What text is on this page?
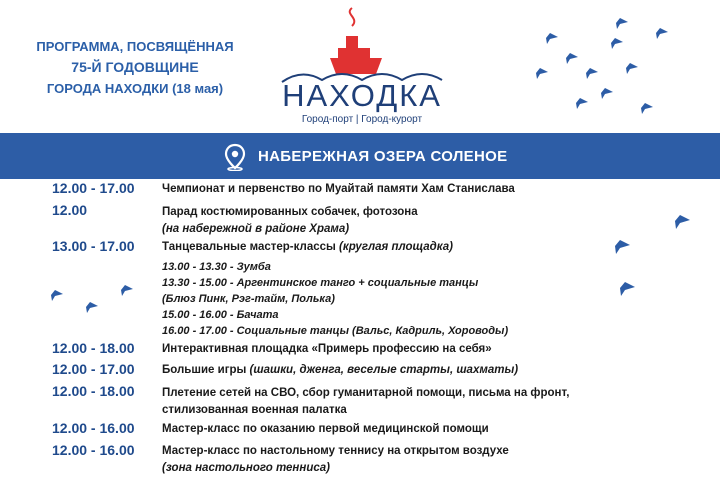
ПРОГРАММА, ПОСВЯЩЁННАЯ
75-Й ГОДОВЩИНЕ
ГОРОДА НАХОДКИ (18 мая)	НАХОДКА
Город-порт | Город-курорт
НАБЕРЕЖНАЯ ОЗЕРА СОЛЕНОЕ
12.00 - 17.00 Чемпионат и первенство по Муайтай памяти Хам Станислава
12.00	Парад костюмированных собачек, фотозона
(на набережной в районе Храма)
13.00 - 17.00 Танцевальные мастер-классы (круглая площадка)
13.00 - 13.30 - Зумба
13.30 - 15.00 - Аргентинское танго + социальные танцы
(Блюз Пинк, Рэг-тайм, Полька)
15.00 - 16.00 - Бачата
16.00 - 17.00 - Социальные танцы (Вальс, Кадриль, Хороводы)
12.00 - 18.00 Интерактивная площадка «Примерь профессию на себя»
12.00 - 17.00 Большие игры (шашки, дженга, веселые старты, шахматы)
12.00 - 18.00 Плетение сетей на СВО, сбор гуманитарной помощи, письма на фронт,
стилизованная военная палатка
12.00 - 16.00 Мастер-класс по оказанию первой медицинской помощи
12.00 - 16.00 Мастер-класс по настольному теннису на открытом воздухе
(зона настольного тенниса)
